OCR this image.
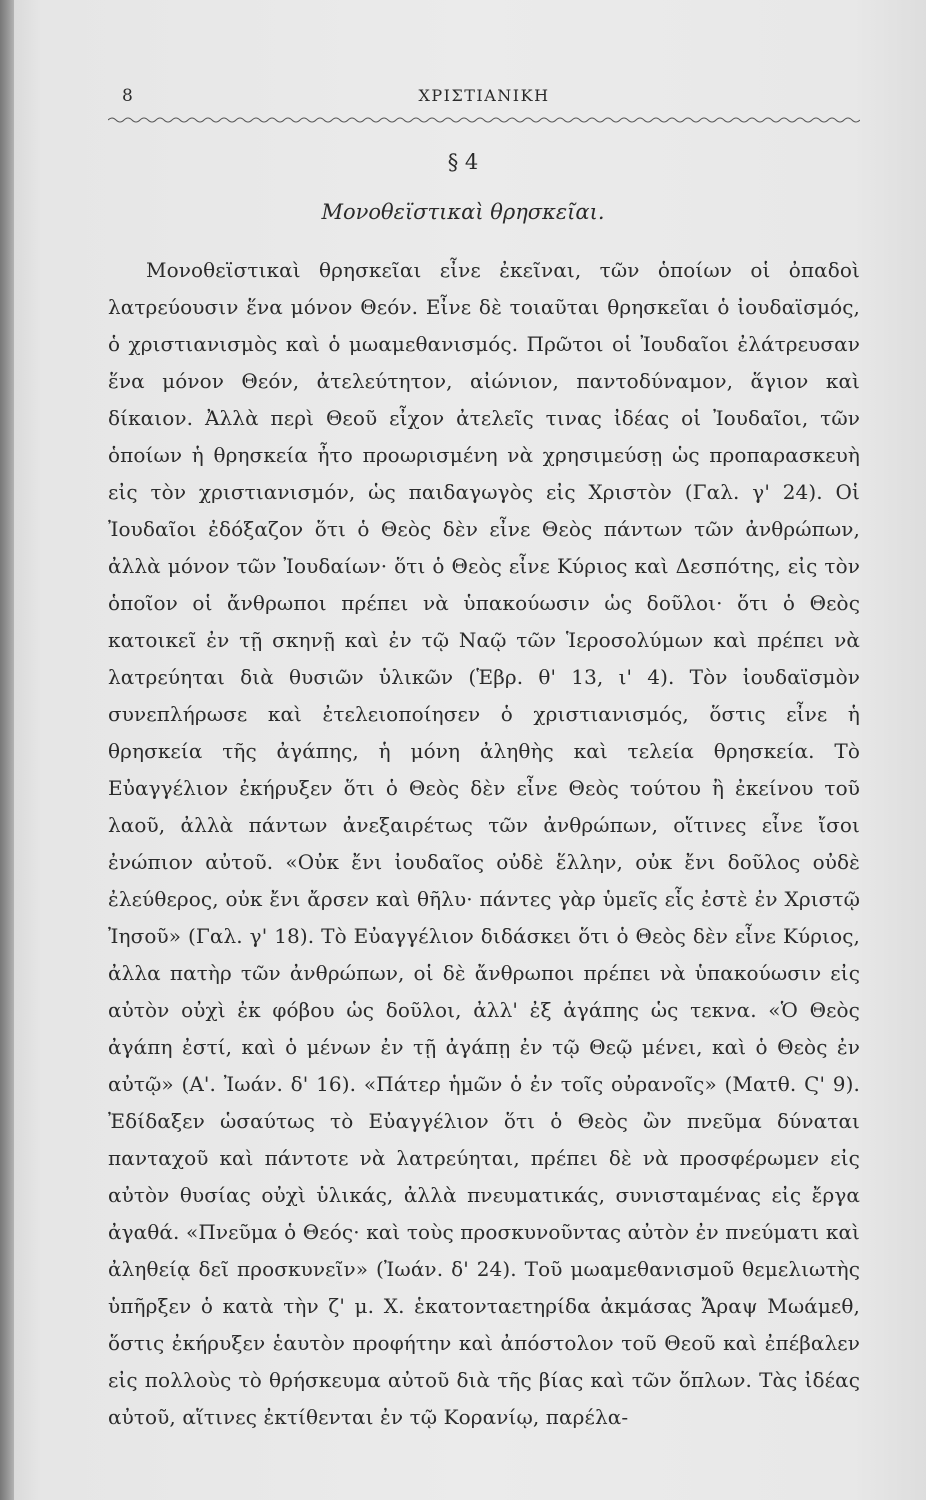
8	ΧΡΙΣΤΙΑΝΙΚΗ
§ 4
Μονοθεϊστικαὶ θρησκεῖαι.

Μονοθεϊστικαὶ θρησκεῖαι εἶνε ἐκεῖναι, τῶν ὁποίων οἱ ὀπαδοὶ λατρεύουσιν ἕνα μόνον Θεόν. Εἶνε δὲ τοιαῦται θρησκεῖαι ὁ ἰουδαϊσμός, ὁ χριστιανισμὸς καὶ ὁ μωαμεθανισμός. Πρῶτοι οἱ Ἰουδαῖοι ἐλάτρευσαν ἕνα μόνον Θεόν, ἀτελεύτητον, αἰώνιον, παντοδύναμον, ἅγιον καὶ δίκαιον. Ἀλλὰ περὶ Θεοῦ εἶχον ἀτελεῖς τινας ἰδέας οἱ Ἰουδαῖοι, τῶν ὁποίων ἡ θρησκεία ἦτο προωρισμένη νὰ χρησιμεύσῃ ὡς προπαρασκευὴ εἰς τὸν χριστιανισμόν, ὡς παιδαγωγὸς εἰς Χριστὸν (Γαλ. γ' 24). Οἱ Ἰουδαῖοι ἐδόξαζον ὅτι ὁ Θεὸς δὲν εἶνε Θεὸς πάντων τῶν ἀνθρώπων, ἀλλὰ μόνον τῶν Ἰουδαίων· ὅτι ὁ Θεὸς εἶνε Κύριος καὶ Δεσπότης, εἰς τὸν ὁποῖον οἱ ἄνθρωποι πρέπει νὰ ὑπακούωσιν ὡς δοῦλοι· ὅτι ὁ Θεὸς κατοικεῖ ἐν τῇ σκηνῇ καὶ ἐν τῷ Ναῷ τῶν Ἱεροσολύμων καὶ πρέπει νὰ λατρεύηται διὰ θυσιῶν ὑλικῶν (Ἑβρ. θ' 13, ι' 4). Τὸν ἰουδαϊσμὸν συνεπλήρωσε καὶ ἐτελειοποίησεν ὁ χριστιανισμός, ὅστις εἶνε ἡ θρησκεία τῆς ἀγάπης, ἡ μόνη ἀληθὴς καὶ τελεία θρησκεία. Τὸ Εὐαγγέλιον ἐκήρυξεν ὅτι ὁ Θεὸς δὲν εἶνε Θεὸς τούτου ἢ ἐκείνου τοῦ λαοῦ, ἀλλὰ πάντων ἀνεξαιρέτως τῶν ἀνθρώπων, οἵτινες εἶνε ἴσοι ἐνώπιον αὐτοῦ. «Οὐκ ἔνι ἰουδαῖος οὐδὲ ἕλλην, οὐκ ἔνι δοῦλος οὐδὲ ἐλεύθερος, οὐκ ἔνι ἄρσεν καὶ θῆλυ· πάντες γὰρ ὑμεῖς εἷς ἐστὲ ἐν Χριστῷ Ἰησοῦ» (Γαλ. γ' 18). Τὸ Εὐαγγέλιον διδάσκει ὅτι ὁ Θεὸς δὲν εἶνε Κύριος, ἀλλα πατὴρ τῶν ἀνθρώπων, οἱ δὲ ἄνθρωποι πρέπει νὰ ὑπακούωσιν εἰς αὐτὸν οὐχὶ ἐκ φόβου ὡς δοῦλοι, ἀλλ' ἐξ ἀγάπης ὡς τεκνα. «Ὁ Θεὸς ἀγάπη ἐστί, καὶ ὁ μένων ἐν τῇ ἀγάπῃ ἐν τῷ Θεῷ μένει, καὶ ὁ Θεὸς ἐν αὐτῷ» (Α'. Ἰωάν. δ' 16). «Πάτερ ἡμῶν ὁ ἐν τοῖς οὐρανοῖς» (Ματθ. Ϛ' 9). Ἐδίδαξεν ὡσαύτως τὸ Εὐαγγέλιον ὅτι ὁ Θεὸς ὢν πνεῦμα δύναται πανταχοῦ καὶ πάντοτε νὰ λατρεύηται, πρέπει δὲ νὰ προσφέρωμεν εἰς αὐτὸν θυσίας οὐχὶ ὑλικάς, ἀλλὰ πνευματικάς, συνισταμένας εἰς ἔργα ἀγαθά. «Πνεῦμα ὁ Θεός· καὶ τοὺς προσκυνοῦντας αὐτὸν ἐν πνεύματι καὶ ἀληθείᾳ δεῖ προσκυνεῖν» (Ἰωάν. δ' 24). Τοῦ μωαμεθανισμοῦ θεμελιωτὴς ὑπῆρξεν ὁ κατὰ τὴν ζ' μ. Χ. ἑκατονταετηρίδα ἀκμάσας Ἄραψ Μωάμεθ, ὅστις ἐκήρυξεν ἑαυτὸν προφήτην καὶ ἀπόστολον τοῦ Θεοῦ καὶ ἐπέβαλεν εἰς πολλοὺς τὸ θρήσκευμα αὐτοῦ διὰ τῆς βίας καὶ τῶν ὅπλων. Τὰς ἰδέας αὐτοῦ, αἵτινες ἐκτίθενται ἐν τῷ Κορανίῳ, παρέλα-
